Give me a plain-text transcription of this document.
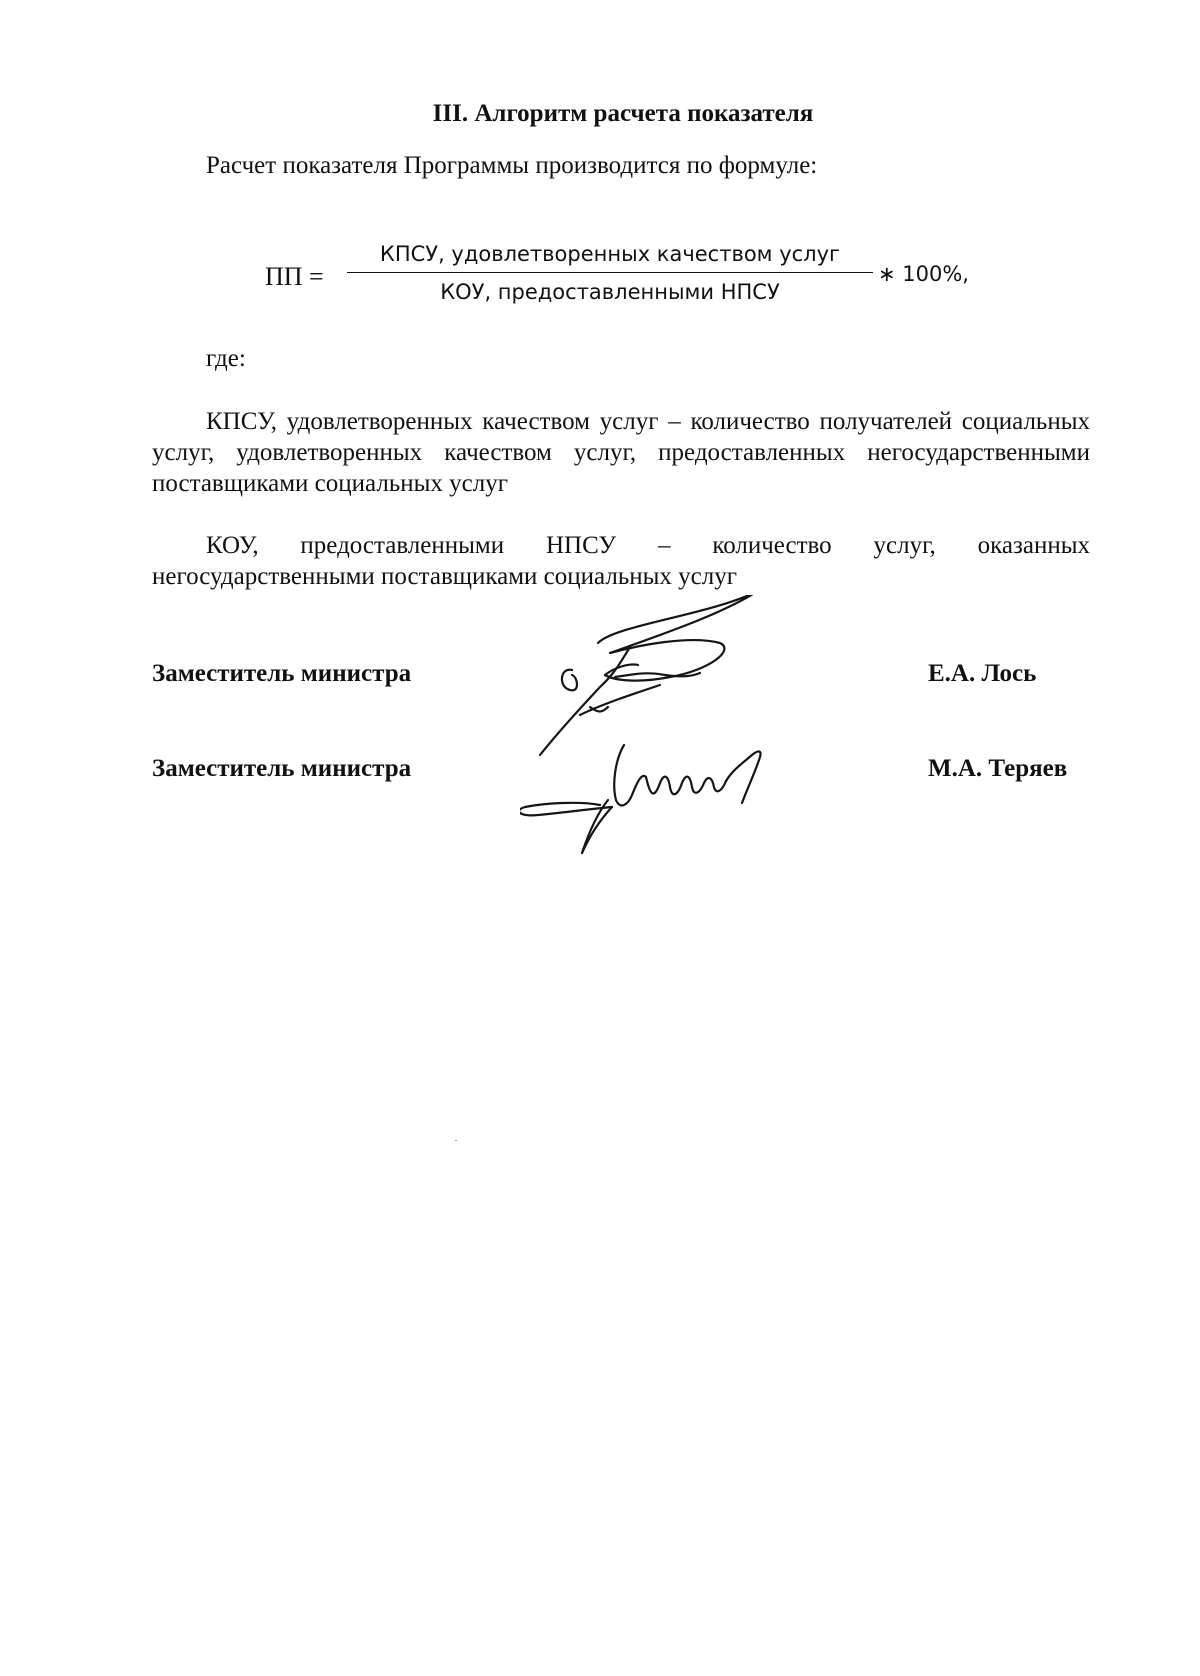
III. Алгоритм расчета показателя
Расчет показателя Программы производится по формуле:
ПП =
КПСУ, удовлетворенных качеством услуг
КОУ, предоставленными НПСУ
∗ 100%,
где:
КПСУ, удовлетворенных качеством услуг – количество получателей социальных услуг, удовлетворенных качеством услуг, предоставленных негосударственными поставщиками социальных услуг
КОУ, предоставленными НПСУ – количество услуг, оказанных негосударственными поставщиками социальных услуг
Заместитель министра	Е.А. Лось
Заместитель министра	М.А. Теряев
